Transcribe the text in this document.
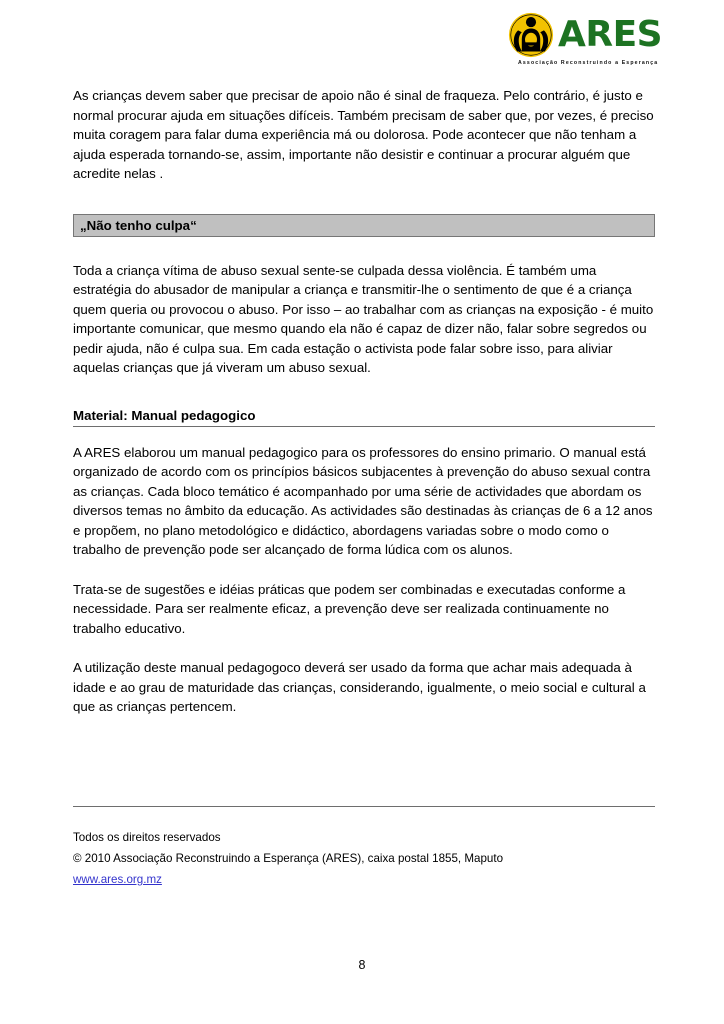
ARES
Associação Reconstruindo a Esperança

As crianças devem saber que precisar de apoio não é sinal de fraqueza. Pelo contrário, é justo e normal procurar ajuda em situações difíceis. Também precisam de saber que, por vezes, é preciso muita coragem para falar duma experiência má ou dolorosa. Pode acontecer que não tenham a ajuda esperada tornando-se, assim, importante não desistir e continuar a procurar alguém que acredite nelas .

„Não tenho culpa“

Toda a criança vítima de abuso sexual sente-se culpada dessa violência. É também uma estratégia do abusador de manipular a criança e transmitir-lhe o sentimento de que é a criança quem queria ou provocou o abuso. Por isso – ao trabalhar com as crianças na exposição - é muito importante comunicar, que mesmo quando ela não é capaz de dizer não, falar sobre segredos ou pedir ajuda, não é culpa sua. Em cada estação o activista pode falar sobre isso, para aliviar aquelas crianças que já viveram um abuso sexual.

Material: Manual pedagogico

A ARES elaborou um manual pedagogico para os professores do ensino primario. O manual está organizado de acordo com os princípios básicos subjacentes à prevenção do abuso sexual contra as crianças. Cada bloco temático é acompanhado por uma série de actividades que abordam os diversos temas no âmbito da educação. As actividades são destinadas às crianças de 6 a 12 anos e propõem, no plano metodológico e didáctico, abordagens variadas sobre o modo como o trabalho de prevenção pode ser alcançado de forma lúdica com os alunos.

Trata-se de sugestões e idéias práticas que podem ser combinadas e executadas conforme a necessidade. Para ser realmente eficaz, a prevenção deve ser realizada continuamente no trabalho educativo.

A utilização deste manual pedagogoco deverá ser usado da forma que achar mais adequada à idade e ao grau de maturidade das crianças, considerando, igualmente, o meio social e cultural a que as crianças pertencem.

Todos os direitos reservados
© 2010 Associação Reconstruindo a Esperança (ARES), caixa postal 1855, Maputo
www.ares.org.mz
8
